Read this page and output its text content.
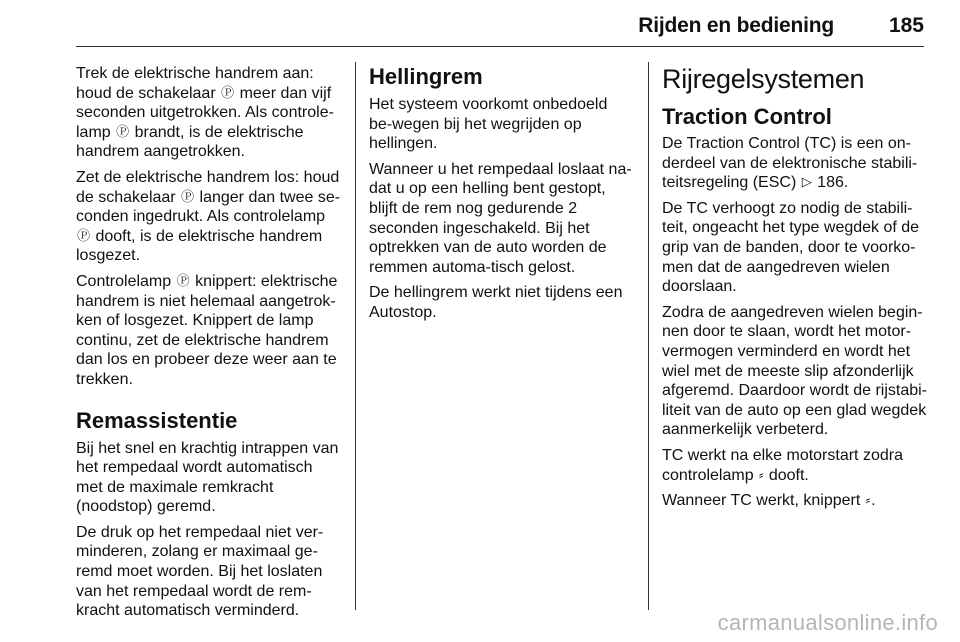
Rijden en bediening	185

Trek de elektrische handrem aan: houd de schakelaar Ⓟ meer dan vijf seconden uitgetrokken. Als controle-lamp Ⓟ brandt, is de elektrische handrem aangetrokken.

Zet de elektrische handrem los: houd de schakelaar Ⓟ langer dan twee se-conden ingedrukt. Als controlelamp Ⓟ dooft, is de elektrische handrem losgezet.

Controlelamp Ⓟ knippert: elektrische handrem is niet helemaal aangetrok-ken of losgezet. Knippert de lamp continu, zet de elektrische handrem dan los en probeer deze weer aan te trekken.

Remassistentie

Bij het snel en krachtig intrappen van het rempedaal wordt automatisch met de maximale remkracht (noodstop) geremd.

De druk op het rempedaal niet ver-minderen, zolang er maximaal ge-remd moet worden. Bij het loslaten van het rempedaal wordt de rem-kracht automatisch verminderd.

Hellingrem

Het systeem voorkomt onbedoeld be-wegen bij het wegrijden op hellingen.

Wanneer u het rempedaal loslaat na-dat u op een helling bent gestopt, blijft de rem nog gedurende 2 seconden ingeschakeld. Bij het optrekken van de auto worden de remmen automa-tisch gelost.

De hellingrem werkt niet tijdens een Autostop.

Rijregelsystemen
Traction Control

De Traction Control (TC) is een on-derdeel van de elektronische stabili-teitsregeling (ESC) ▷ 186.

De TC verhoogt zo nodig de stabili-teit, ongeacht het type wegdek of de grip van de banden, door te voorko-men dat de aangedreven wielen doorslaan.

Zodra de aangedreven wielen begin-nen door te slaan, wordt het motor-vermogen verminderd en wordt het wiel met de meeste slip afzonderlijk afgeremd. Daardoor wordt de rijstabi-liteit van de auto op een glad wegdek aanmerkelijk verbeterd.

TC werkt na elke motorstart zodra controlelamp ⸗ dooft.

Wanneer TC werkt, knippert ⸗.

carmanualsonline.info
